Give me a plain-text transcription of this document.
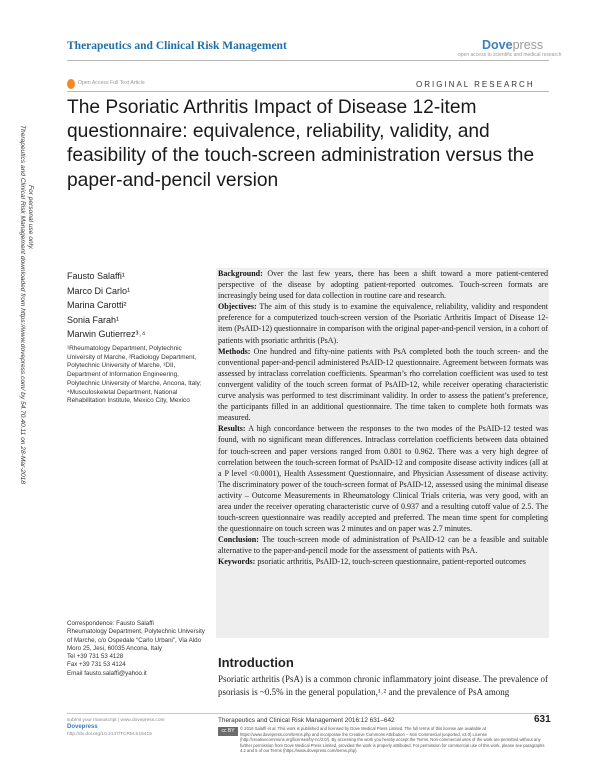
Therapeutics and Clinical Risk Management	Dovepress
open access to scientific and medical research
Open Access Full Text Article	ORIGINAL RESEARCH
The Psoriatic Arthritis Impact of Disease 12-item questionnaire: equivalence, reliability, validity, and feasibility of the touch-screen administration versus the paper-and-pencil version
Therapeutics and Clinical Risk Management downloaded from https://www.dovepress.com/ by 54.70.40.11 on 28-Mar-2018 For personal use only.
Fausto Salaffi¹
Marco Di Carlo¹
Marina Carotti²
Sonia Farah¹
Marwin Gutierrez³˒⁴
¹Rheumatology Department, Polytechnic University of Marche, ²Radiology Department, Polytechnic University of Marche, ³DII, Department of Information Engineering, Polytechnic University of Marche, Ancona, Italy; ⁴Musculoskeletal Department, National Rehabilitation Institute, Mexico City, Mexico
Correspondence: Fausto Salaffi
Rheumatology Department, Polytechnic University of Marche, c/o Ospedale “Carlo Urbani”, Via Aldo Moro 25, Jesi, 60035 Ancona, Italy
Tel +39 731 53 4128
Fax +39 731 53 4124
Email fausto.salaffi@yahoo.it

Background: Over the last few years, there has been a shift toward a more patient-centered perspective of the disease by adopting patient-reported outcomes. Touch-screen formats are increasingly being used for data collection in routine care and research.

Objectives: The aim of this study is to examine the equivalence, reliability, validity and respondent preference for a computerized touch-screen version of the Psoriatic Arthritis Impact of Disease 12-item (PsAID-12) questionnaire in comparison with the original paper-and-pencil version, in a cohort of patients with psoriatic arthritis (PsA).

Methods: One hundred and fifty-nine patients with PsA completed both the touch screen- and the conventional paper-and-pencil administered PsAID-12 questionnaire. Agreement between formats was assessed by intraclass correlation coefficients. Spearman’s rho correlation coefficient was used to test convergent validity of the touch screen format of PsAID-12, while receiver operating characteristic curve analysis was performed to test discriminant validity. In order to assess the patient’s preference, the participants filled in an additional questionnaire. The time taken to complete both formats was measured.

Results: A high concordance between the responses to the two modes of the PsAID-12 tested was found, with no significant mean differences. Intraclass correlation coefficients between data obtained for touch-screen and paper versions ranged from 0.801 to 0.962. There was a very high degree of correlation between the touch-screen format of PsAID-12 and composite disease activity indices (all at a P level <0.0001), Health Assessment Questionnaire, and Physician Assessment of disease activity. The discriminatory power of the touch-screen format of PsAID-12, assessed using the minimal disease activity – Outcome Measurements in Rheumatology Clinical Trials criteria, was very good, with an area under the receiver operating characteristic curve of 0.937 and a resulting cutoff value of 2.5. The touch-screen questionnaire was readily accepted and preferred. The mean time spent for completing the questionnaire on touch screen was 2 minutes and on paper was 2.7 minutes.

Conclusion: The touch-screen mode of administration of PsAID-12 can be a feasible and suitable alternative to the paper-and-pencil mode for the assessment of patients with PsA.

Keywords: psoriatic arthritis, PsAID-12, touch-screen questionnaire, patient-reported outcomes

Introduction
Psoriatic arthritis (PsA) is a common chronic inflammatory joint disease. The prevalence of psoriasis is ~0.5% in the general population,¹˒² and the prevalence of PsA among
submit your manuscript | www.dovepress.com
Dovepress
http://dx.doi.org/10.2147/TCRM.S15419
Therapeutics and Clinical Risk Management 2016:12 631–642	631
cc BY NC
© 2016 Salaffi et al. This work is published and licensed by Dove Medical Press Limited. The full terms of this license are available at https://www.dovepress.com/terms.php and incorporate the Creative Commons Attribution – Non Commercial (unported, v3.0) License (http://creativecommons.org/licenses/by-nc/3.0/). By accessing the work you hereby accept the Terms. Non-commercial uses of the work are permitted without any further permission from Dove Medical Press Limited, provided the work is properly attributed. For permission for commercial use of this work, please see paragraphs 4.2 and 5 of our Terms (https://www.dovepress.com/terms.php).
